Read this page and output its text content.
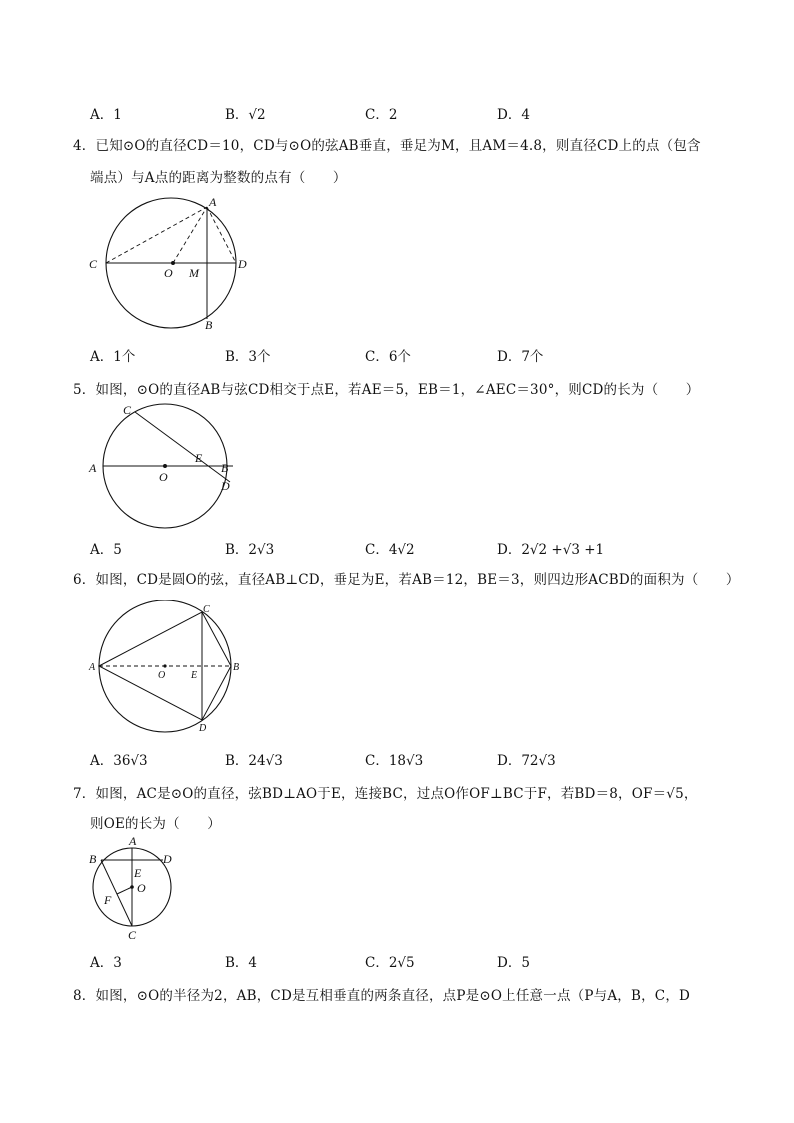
A．1	B．√2	C．2	D．4
4．已知⊙O的直径CD＝10，CD与⊙O的弦AB垂直，垂足为M，且AM＝4.8，则直径CD上的点（包含
端点）与A点的距离为整数的点有（　　）
A
B
C	D
O M
A．1个	B．3个	C．6个	D．7个
5．如图，⊙O的直径AB与弦CD相交于点E，若AE＝5，EB＝1，∠AEC＝30°，则CD的长为（　　）
A	B
C
D
E
O
A．5	B．2√3	C．4√2	D．2√2 +√3 +1
6．如图，CD是圆O的弦，直径AB⊥CD，垂足为E，若AB＝12，BE＝3，则四边形ACBD的面积为（　　）
A	B
C
D
E
O
A．36√3	B．24√3	C．18√3	D．72√3
7．如图，AC是⊙O的直径，弦BD⊥AO于E，连接BC，过点O作OF⊥BC于F，若BD＝8，OF＝√5，
则OE的长为（　　）
A
B	D
C
E
O
F
A．3	B．4	C．2√5	D．5
8．如图，⊙O的半径为2，AB，CD是互相垂直的两条直径，点P是⊙O上任意一点（P与A，B，C，D
